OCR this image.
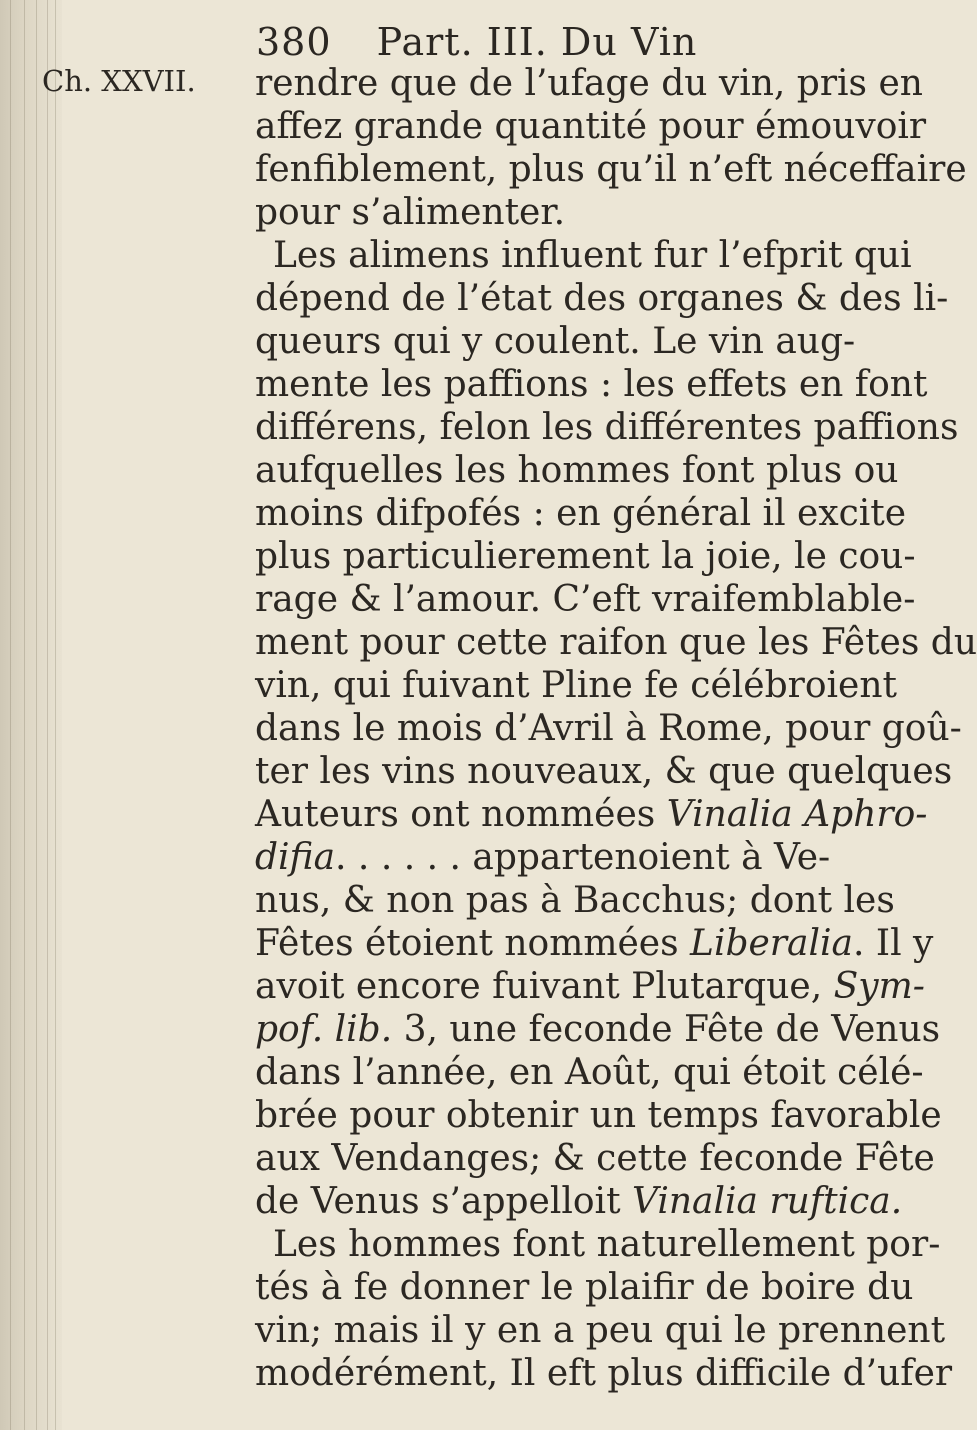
380 Part. III. Du Vin
Ch. XXVII. rendre que de l’ufage du vin, pris en
affez grande quantité pour émouvoir
fenfiblement, plus qu’il n’eft néceffaire
pour s’alimenter.
Les alimens influent fur l’efprit qui
dépend de l’état des organes & des li-
queurs qui y coulent. Le vin aug-
mente les paffions : les effets en font
différens, felon les différentes paffions
aufquelles les hommes font plus ou
moins difpofés : en général il excite
plus particulierement la joie, le cou-
rage & l’amour. C’eft vraifemblable-
ment pour cette raifon que les Fêtes du
vin, qui fuivant Pline fe célébroient
dans le mois d’Avril à Rome, pour goû-
ter les vins nouveaux, & que quelques
Auteurs ont nommées Vinalia Aphro-
difia. . . . . . appartenoient à Ve-
nus, & non pas à Bacchus; dont les
Fêtes étoient nommées Liberalia. Il y
avoit encore fuivant Plutarque, Sym-
pof. lib. 3, une feconde Fête de Venus
dans l’année, en Août, qui étoit célé-
brée pour obtenir un temps favorable
aux Vendanges; & cette feconde Fête
de Venus s’appelloit Vinalia ruftica.
Les hommes font naturellement por-
tés à fe donner le plaifir de boire du
vin; mais il y en a peu qui le prennent
modérément, Il eft plus difficile d’ufer
